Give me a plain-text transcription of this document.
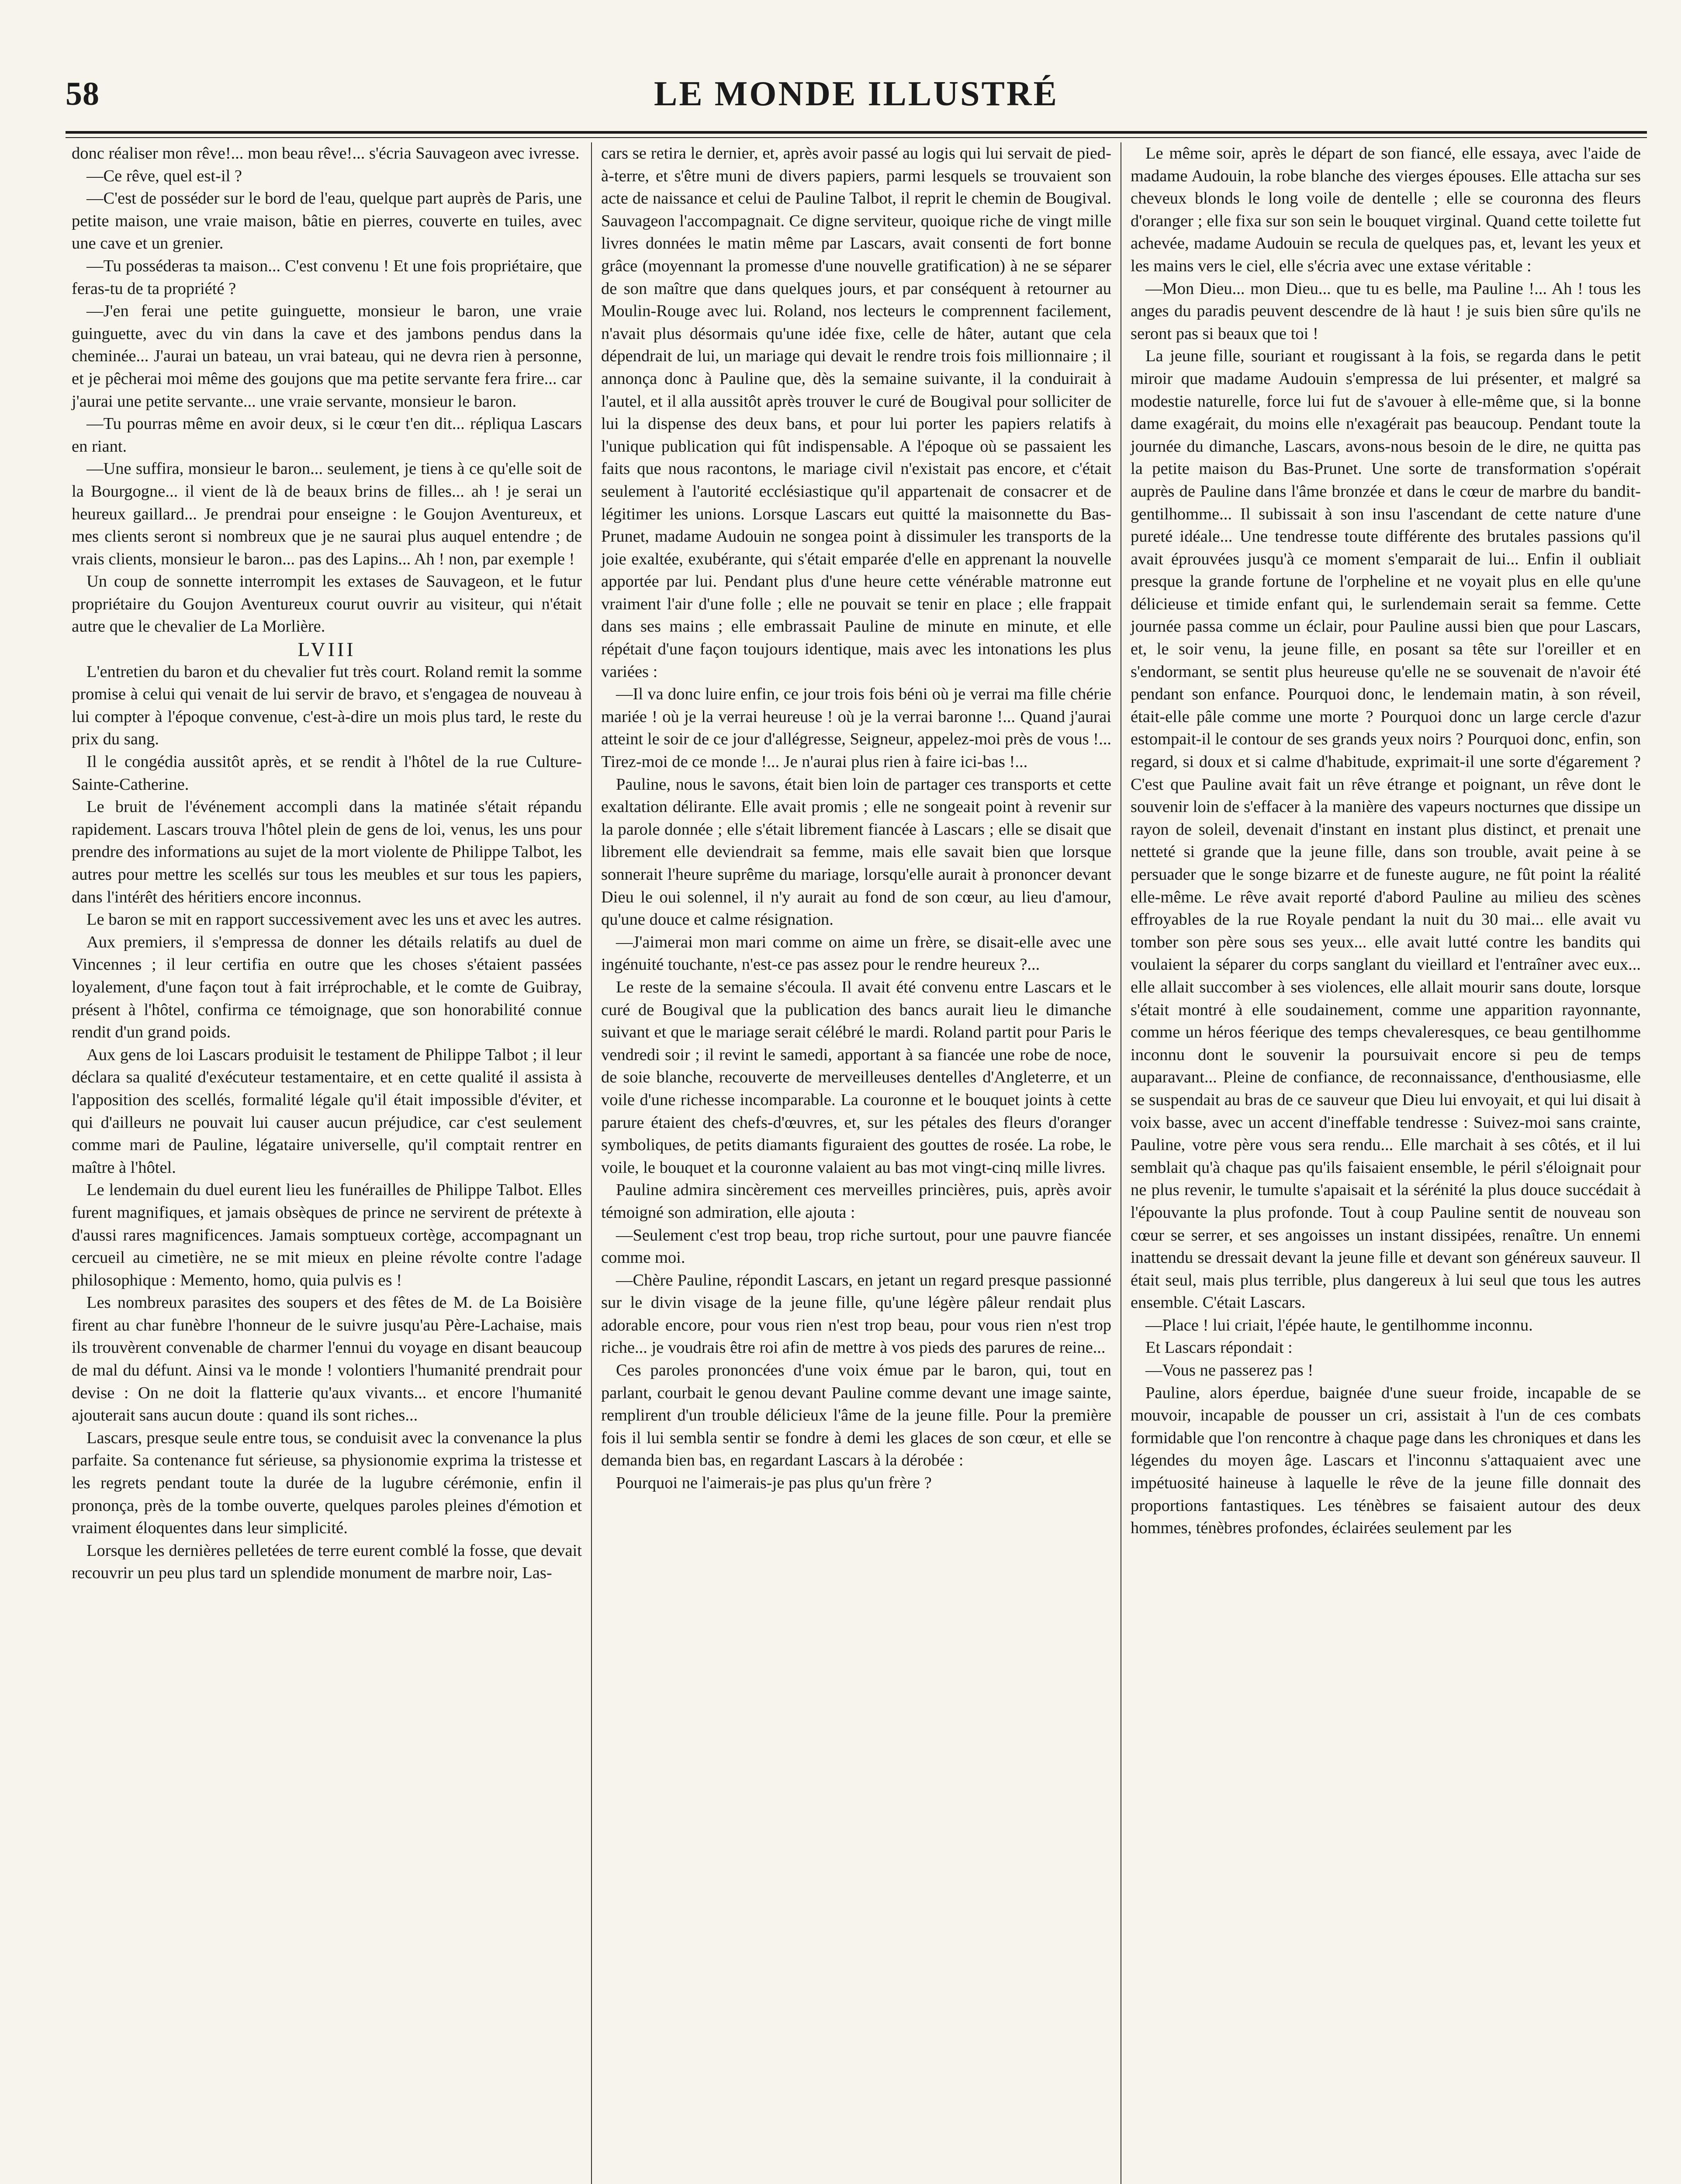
58	LE MONDE ILLUSTRÉ

donc réaliser mon rêve!... mon beau rêve!... s'écria Sauvageon avec ivresse.

—Ce rêve, quel est-il ?

—C'est de posséder sur le bord de l'eau, quelque part auprès de Paris, une petite maison, une vraie maison, bâtie en pierres, couverte en tuiles, avec une cave et un grenier.

—Tu posséderas ta maison... C'est convenu ! Et une fois propriétaire, que feras-tu de ta propriété ?

—J'en ferai une petite guinguette, monsieur le baron, une vraie guinguette, avec du vin dans la cave et des jambons pendus dans la cheminée... J'aurai un bateau, un vrai bateau, qui ne devra rien à personne, et je pêcherai moi même des goujons que ma petite servante fera frire... car j'aurai une petite servante... une vraie servante, monsieur le baron.

—Tu pourras même en avoir deux, si le cœur t'en dit... répliqua Lascars en riant.

—Une suffira, monsieur le baron... seulement, je tiens à ce qu'elle soit de la Bourgogne... il vient de là de beaux brins de filles... ah ! je serai un heureux gaillard... Je prendrai pour enseigne : le Goujon Aventureux, et mes clients seront si nombreux que je ne saurai plus auquel entendre ; de vrais clients, monsieur le baron... pas des Lapins... Ah ! non, par exemple !

Un coup de sonnette interrompit les extases de Sauvageon, et le futur propriétaire du Goujon Aventureux courut ouvrir au visiteur, qui n'était autre que le chevalier de La Morlière.

LVIII

L'entretien du baron et du chevalier fut très court. Roland remit la somme promise à celui qui venait de lui servir de bravo, et s'engagea de nouveau à lui compter à l'époque convenue, c'est-à-dire un mois plus tard, le reste du prix du sang.

Il le congédia aussitôt après, et se rendit à l'hôtel de la rue Culture-Sainte-Catherine.

Le bruit de l'événement accompli dans la matinée s'était répandu rapidement. Lascars trouva l'hôtel plein de gens de loi, venus, les uns pour prendre des informations au sujet de la mort violente de Philippe Talbot, les autres pour mettre les scellés sur tous les meubles et sur tous les papiers, dans l'intérêt des héritiers encore inconnus.

Le baron se mit en rapport successivement avec les uns et avec les autres.

Aux premiers, il s'empressa de donner les détails relatifs au duel de Vincennes ; il leur certifia en outre que les choses s'étaient passées loyalement, d'une façon tout à fait irréprochable, et le comte de Guibray, présent à l'hôtel, confirma ce témoignage, que son honorabilité connue rendit d'un grand poids.

Aux gens de loi Lascars produisit le testament de Philippe Talbot ; il leur déclara sa qualité d'exécuteur testamentaire, et en cette qualité il assista à l'apposition des scellés, formalité légale qu'il était impossible d'éviter, et qui d'ailleurs ne pouvait lui causer aucun préjudice, car c'est seulement comme mari de Pauline, légataire universelle, qu'il comptait rentrer en maître à l'hôtel.

Le lendemain du duel eurent lieu les funérailles de Philippe Talbot. Elles furent magnifiques, et jamais obsèques de prince ne servirent de prétexte à d'aussi rares magnificences. Jamais somptueux cortège, accompagnant un cercueil au cimetière, ne se mit mieux en pleine révolte contre l'adage philosophique : Memento, homo, quia pulvis es !

Les nombreux parasites des soupers et des fêtes de M. de La Boisière firent au char funèbre l'honneur de le suivre jusqu'au Père-Lachaise, mais ils trouvèrent convenable de charmer l'ennui du voyage en disant beaucoup de mal du défunt. Ainsi va le monde ! volontiers l'humanité prendrait pour devise : On ne doit la flatterie qu'aux vivants... et encore l'humanité ajouterait sans aucun doute : quand ils sont riches...

Lascars, presque seule entre tous, se conduisit avec la convenance la plus parfaite. Sa contenance fut sérieuse, sa physionomie exprima la tristesse et les regrets pendant toute la durée de la lugubre cérémonie, enfin il prononça, près de la tombe ouverte, quelques paroles pleines d'émotion et vraiment éloquentes dans leur simplicité.

Lorsque les dernières pelletées de terre eurent comblé la fosse, que devait recouvrir un peu plus tard un splendide monument de marbre noir, Las-

cars se retira le dernier, et, après avoir passé au logis qui lui servait de pied-à-terre, et s'être muni de divers papiers, parmi lesquels se trouvaient son acte de naissance et celui de Pauline Talbot, il reprit le chemin de Bougival. Sauvageon l'accompagnait. Ce digne serviteur, quoique riche de vingt mille livres données le matin même par Lascars, avait consenti de fort bonne grâce (moyennant la promesse d'une nouvelle gratification) à ne se séparer de son maître que dans quelques jours, et par conséquent à retourner au Moulin-Rouge avec lui. Roland, nos lecteurs le comprennent facilement, n'avait plus désormais qu'une idée fixe, celle de hâter, autant que cela dépendrait de lui, un mariage qui devait le rendre trois fois millionnaire ; il annonça donc à Pauline que, dès la semaine suivante, il la conduirait à l'autel, et il alla aussitôt après trouver le curé de Bougival pour solliciter de lui la dispense des deux bans, et pour lui porter les papiers relatifs à l'unique publication qui fût indispensable. A l'époque où se passaient les faits que nous racontons, le mariage civil n'existait pas encore, et c'était seulement à l'autorité ecclésiastique qu'il appartenait de consacrer et de légitimer les unions. Lorsque Lascars eut quitté la maisonnette du Bas-Prunet, madame Audouin ne songea point à dissimuler les transports de la joie exaltée, exubérante, qui s'était emparée d'elle en apprenant la nouvelle apportée par lui. Pendant plus d'une heure cette vénérable matronne eut vraiment l'air d'une folle ; elle ne pouvait se tenir en place ; elle frappait dans ses mains ; elle embrassait Pauline de minute en minute, et elle répétait d'une façon toujours identique, mais avec les intonations les plus variées :

—Il va donc luire enfin, ce jour trois fois béni où je verrai ma fille chérie mariée ! où je la verrai heureuse ! où je la verrai baronne !... Quand j'aurai atteint le soir de ce jour d'allégresse, Seigneur, appelez-moi près de vous !... Tirez-moi de ce monde !... Je n'aurai plus rien à faire ici-bas !...

Pauline, nous le savons, était bien loin de partager ces transports et cette exaltation délirante. Elle avait promis ; elle ne songeait point à revenir sur la parole donnée ; elle s'était librement fiancée à Lascars ; elle se disait que librement elle deviendrait sa femme, mais elle savait bien que lorsque sonnerait l'heure suprême du mariage, lorsqu'elle aurait à prononcer devant Dieu le oui solennel, il n'y aurait au fond de son cœur, au lieu d'amour, qu'une douce et calme résignation.

—J'aimerai mon mari comme on aime un frère, se disait-elle avec une ingénuité touchante, n'est-ce pas assez pour le rendre heureux ?...

Le reste de la semaine s'écoula. Il avait été convenu entre Lascars et le curé de Bougival que la publication des bancs aurait lieu le dimanche suivant et que le mariage serait célébré le mardi. Roland partit pour Paris le vendredi soir ; il revint le samedi, apportant à sa fiancée une robe de noce, de soie blanche, recouverte de merveilleuses dentelles d'Angleterre, et un voile d'une richesse incomparable. La couronne et le bouquet joints à cette parure étaient des chefs-d'œuvres, et, sur les pétales des fleurs d'oranger symboliques, de petits diamants figuraient des gouttes de rosée. La robe, le voile, le bouquet et la couronne valaient au bas mot vingt-cinq mille livres.

Pauline admira sincèrement ces merveilles princières, puis, après avoir témoigné son admiration, elle ajouta :

—Seulement c'est trop beau, trop riche surtout, pour une pauvre fiancée comme moi.

—Chère Pauline, répondit Lascars, en jetant un regard presque passionné sur le divin visage de la jeune fille, qu'une légère pâleur rendait plus adorable encore, pour vous rien n'est trop beau, pour vous rien n'est trop riche... je voudrais être roi afin de mettre à vos pieds des parures de reine...

Ces paroles prononcées d'une voix émue par le baron, qui, tout en parlant, courbait le genou devant Pauline comme devant une image sainte, remplirent d'un trouble délicieux l'âme de la jeune fille. Pour la première fois il lui sembla sentir se fondre à demi les glaces de son cœur, et elle se demanda bien bas, en regardant Lascars à la dérobée :

Pourquoi ne l'aimerais-je pas plus qu'un frère ?

Le même soir, après le départ de son fiancé, elle essaya, avec l'aide de madame Audouin, la robe blanche des vierges épouses. Elle attacha sur ses cheveux blonds le long voile de dentelle ; elle se couronna des fleurs d'oranger ; elle fixa sur son sein le bouquet virginal. Quand cette toilette fut achevée, madame Audouin se recula de quelques pas, et, levant les yeux et les mains vers le ciel, elle s'écria avec une extase véritable :

—Mon Dieu... mon Dieu... que tu es belle, ma Pauline !... Ah ! tous les anges du paradis peuvent descendre de là haut ! je suis bien sûre qu'ils ne seront pas si beaux que toi !

La jeune fille, souriant et rougissant à la fois, se regarda dans le petit miroir que madame Audouin s'empressa de lui présenter, et malgré sa modestie naturelle, force lui fut de s'avouer à elle-même que, si la bonne dame exagérait, du moins elle n'exagérait pas beaucoup. Pendant toute la journée du dimanche, Lascars, avons-nous besoin de le dire, ne quitta pas la petite maison du Bas-Prunet. Une sorte de transformation s'opérait auprès de Pauline dans l'âme bronzée et dans le cœur de marbre du bandit-gentilhomme... Il subissait à son insu l'ascendant de cette nature d'une pureté idéale... Une tendresse toute différente des brutales passions qu'il avait éprouvées jusqu'à ce moment s'emparait de lui... Enfin il oubliait presque la grande fortune de l'orpheline et ne voyait plus en elle qu'une délicieuse et timide enfant qui, le surlendemain serait sa femme. Cette journée passa comme un éclair, pour Pauline aussi bien que pour Lascars, et, le soir venu, la jeune fille, en posant sa tête sur l'oreiller et en s'endormant, se sentit plus heureuse qu'elle ne se souvenait de n'avoir été pendant son enfance. Pourquoi donc, le lendemain matin, à son réveil, était-elle pâle comme une morte ? Pourquoi donc un large cercle d'azur estompait-il le contour de ses grands yeux noirs ? Pourquoi donc, enfin, son regard, si doux et si calme d'habitude, exprimait-il une sorte d'égarement ? C'est que Pauline avait fait un rêve étrange et poignant, un rêve dont le souvenir loin de s'effacer à la manière des vapeurs nocturnes que dissipe un rayon de soleil, devenait d'instant en instant plus distinct, et prenait une netteté si grande que la jeune fille, dans son trouble, avait peine à se persuader que le songe bizarre et de funeste augure, ne fût point la réalité elle-même. Le rêve avait reporté d'abord Pauline au milieu des scènes effroyables de la rue Royale pendant la nuit du 30 mai... elle avait vu tomber son père sous ses yeux... elle avait lutté contre les bandits qui voulaient la séparer du corps sanglant du vieillard et l'entraîner avec eux... elle allait succomber à ses violences, elle allait mourir sans doute, lorsque s'était montré à elle soudainement, comme une apparition rayonnante, comme un héros féerique des temps chevaleresques, ce beau gentilhomme inconnu dont le souvenir la poursuivait encore si peu de temps auparavant... Pleine de confiance, de reconnaissance, d'enthousiasme, elle se suspendait au bras de ce sauveur que Dieu lui envoyait, et qui lui disait à voix basse, avec un accent d'ineffable tendresse : Suivez-moi sans crainte, Pauline, votre père vous sera rendu... Elle marchait à ses côtés, et il lui semblait qu'à chaque pas qu'ils faisaient ensemble, le péril s'éloignait pour ne plus revenir, le tumulte s'apaisait et la sérénité la plus douce succédait à l'épouvante la plus profonde. Tout à coup Pauline sentit de nouveau son cœur se serrer, et ses angoisses un instant dissipées, renaître. Un ennemi inattendu se dressait devant la jeune fille et devant son généreux sauveur. Il était seul, mais plus terrible, plus dangereux à lui seul que tous les autres ensemble. C'était Lascars.

—Place ! lui criait, l'épée haute, le gentilhomme inconnu.

Et Lascars répondait :

—Vous ne passerez pas !

Pauline, alors éperdue, baignée d'une sueur froide, incapable de se mouvoir, incapable de pousser un cri, assistait à l'un de ces combats formidable que l'on rencontre à chaque page dans les chroniques et dans les légendes du moyen âge. Lascars et l'inconnu s'attaquaient avec une impétuosité haineuse à laquelle le rêve de la jeune fille donnait des proportions fantastiques. Les ténèbres se faisaient autour des deux hommes, ténèbres profondes, éclairées seulement par les
